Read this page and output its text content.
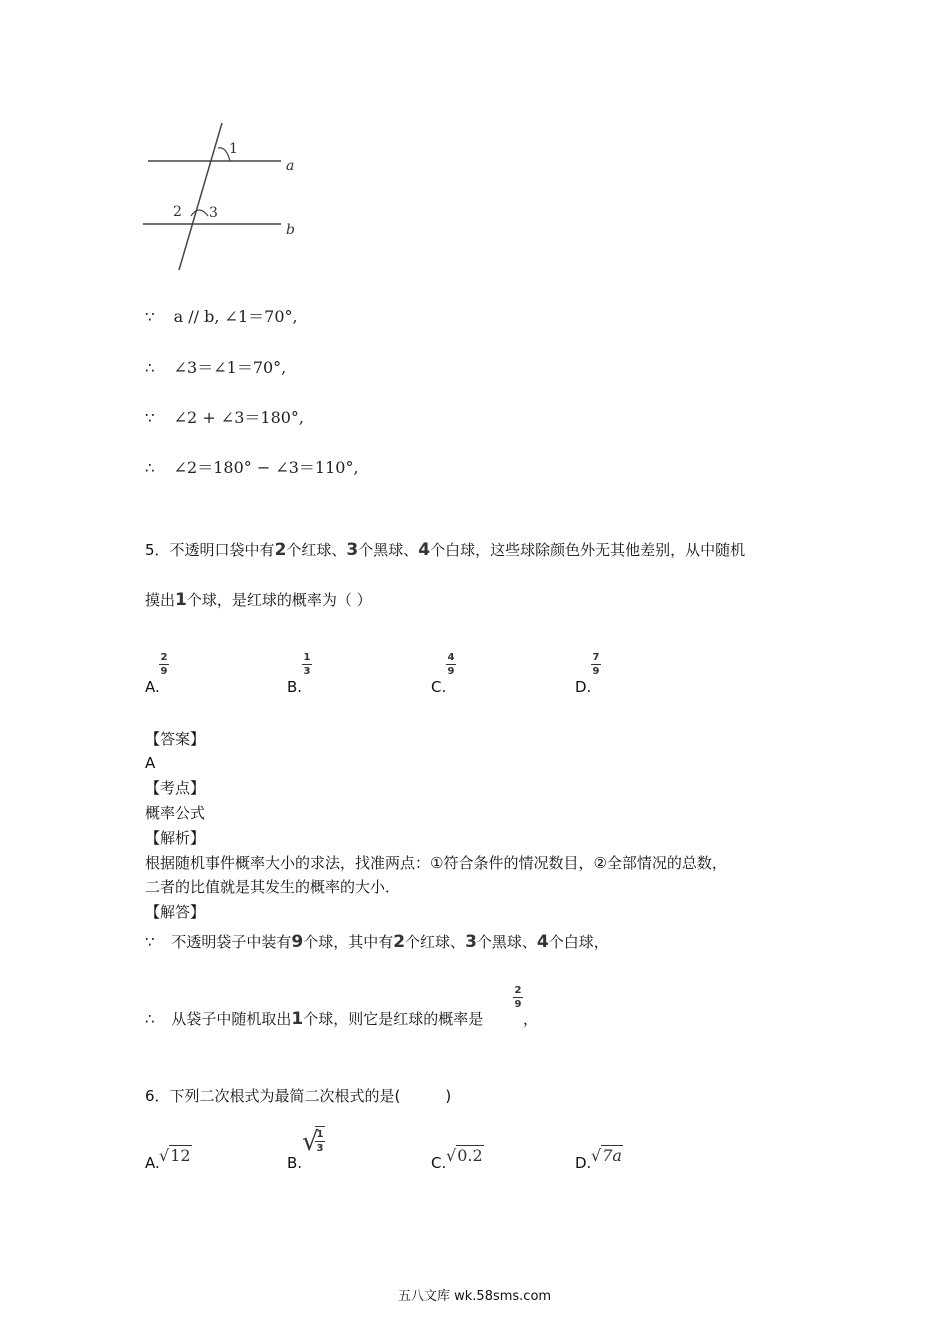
1
2 3
a
b
∵ a // b, ∠1＝70°,
∴ ∠3＝∠1＝70°,
∵ ∠2 + ∠3＝180°,
∴ ∠2＝180° − ∠3＝110°,
5．不透明口袋中有2个红球、3个黑球、4个白球，这些球除颜色外无其他差别，从中随机
摸出1个球，是红球的概率为（ ）
A.
2
9
B.
1
3
C.
4
9
D.
7
9
【答案】
A
【考点】
概率公式
【解析】
根据随机事件概率大小的求法，找准两点：①符合条件的情况数目，②全部情况的总数，
二者的比值就是其发生的概率的大小．
【解答】
∵ 不透明袋子中装有9个球，其中有2个红球、3个黑球、4个白球，
∴ 从袋子中随机取出1个球，则它是红球的概率是
2
9
，
6．下列二次根式为最简二次根式的是(　　　)
A. √12	B.
√
1
3
C. √0.2	D. √7a
五八文库 wk.58sms.com
